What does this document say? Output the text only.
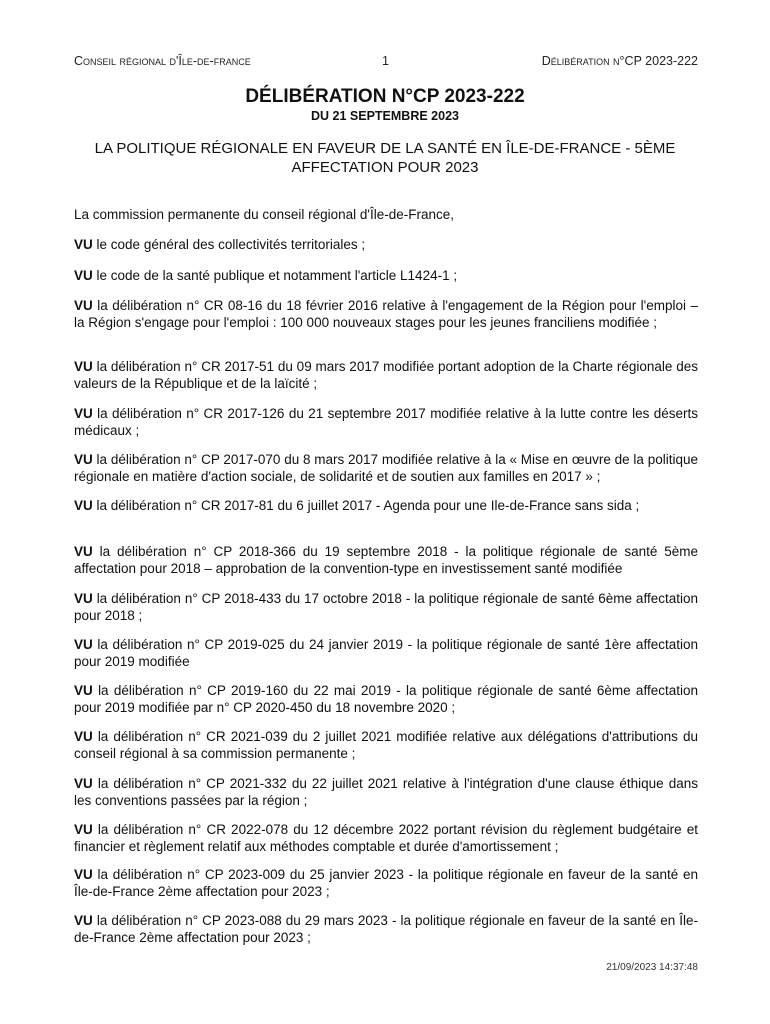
Conseil régional d'Île-de-france	1	Délibération n°CP 2023-222
DÉLIBÉRATION N°CP 2023-222
DU 21 SEPTEMBRE 2023
LA POLITIQUE RÉGIONALE EN FAVEUR DE LA SANTÉ EN ÎLE-DE-FRANCE - 5ÈME AFFECTATION POUR 2023
La commission permanente du conseil régional d'Île-de-France,
VU le code général des collectivités territoriales ;
VU le code de la santé publique et notamment l'article L1424-1 ;
VU la délibération n° CR 08-16 du 18 février 2016 relative à l'engagement de la Région pour l'emploi – la Région s'engage pour l'emploi : 100 000 nouveaux stages pour les jeunes franciliens modifiée ;
VU la délibération n° CR 2017-51 du 09 mars 2017 modifiée portant adoption de la Charte régionale des valeurs de la République et de la laïcité ;
VU la délibération n° CR 2017-126 du 21 septembre 2017 modifiée relative à la lutte contre les déserts médicaux ;
VU la délibération n° CP 2017-070 du 8 mars 2017 modifiée relative à la « Mise en œuvre de la politique régionale en matière d'action sociale, de solidarité et de soutien aux familles en 2017 » ;
VU la délibération n° CR 2017-81 du 6 juillet 2017 - Agenda pour une Ile-de-France sans sida ;
VU la délibération n° CP 2018-366 du 19 septembre 2018 - la politique régionale de santé 5ème affectation pour 2018 – approbation de la convention-type en investissement santé modifiée
VU la délibération n° CP 2018-433 du 17 octobre 2018 - la politique régionale de santé 6ème affectation pour 2018 ;
VU la délibération n° CP 2019-025 du 24 janvier 2019 - la politique régionale de santé 1ère affectation pour 2019 modifiée
VU la délibération n° CP 2019-160 du 22 mai 2019 - la politique régionale de santé 6ème affectation pour 2019 modifiée par n° CP 2020-450 du 18 novembre 2020 ;
VU la délibération n° CR 2021-039 du 2 juillet 2021 modifiée relative aux délégations d'attributions du conseil régional à sa commission permanente ;
VU la délibération n° CP 2021-332 du 22 juillet 2021 relative à l'intégration d'une clause éthique dans les conventions passées par la région ;
VU la délibération n° CR 2022-078 du 12 décembre 2022 portant révision du règlement budgétaire et financier et règlement relatif aux méthodes comptable et durée d'amortissement ;
VU la délibération n° CP 2023-009 du 25 janvier 2023 - la politique régionale en faveur de la santé en Île-de-France 2ème affectation pour 2023 ;
VU la délibération n° CP 2023-088 du 29 mars 2023 - la politique régionale en faveur de la santé en Île-de-France 2ème affectation pour 2023 ;
21/09/2023 14:37:48
